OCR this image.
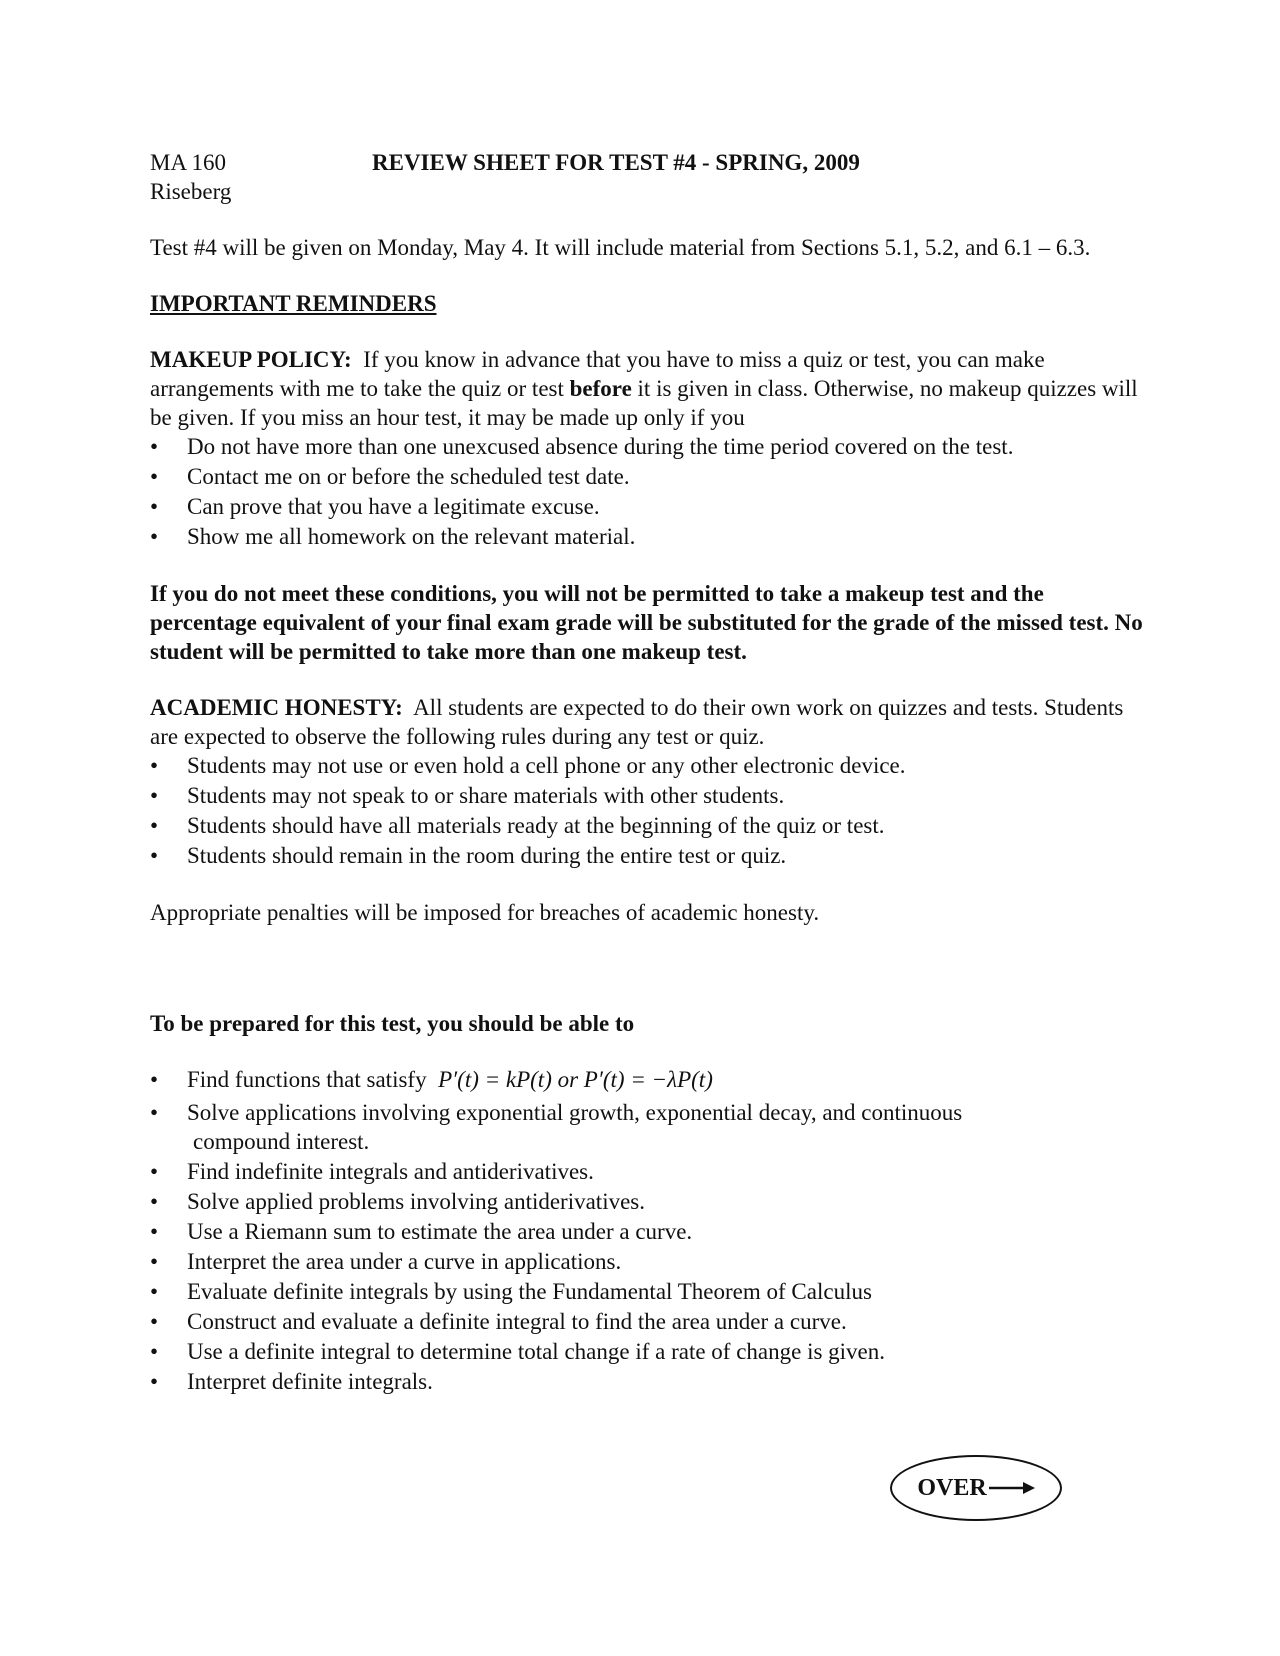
MA 160	REVIEW SHEET FOR TEST #4 - SPRING, 2009
Riseberg

Test #4 will be given on Monday, May 4. It will include material from Sections 5.1, 5.2, and 6.1 – 6.3.

IMPORTANT REMINDERS

MAKEUP POLICY: If you know in advance that you have to miss a quiz or test, you can make arrangements with me to take the quiz or test before it is given in class. Otherwise, no makeup quizzes will be given. If you miss an hour test, it may be made up only if you

• Do not have more than one unexcused absence during the time period covered on the test.
• Contact me on or before the scheduled test date.
• Can prove that you have a legitimate excuse.
• Show me all homework on the relevant material.

If you do not meet these conditions, you will not be permitted to take a makeup test and the percentage equivalent of your final exam grade will be substituted for the grade of the missed test. No student will be permitted to take more than one makeup test.

ACADEMIC HONESTY: All students are expected to do their own work on quizzes and tests. Students are expected to observe the following rules during any test or quiz.

• Students may not use or even hold a cell phone or any other electronic device.
• Students may not speak to or share materials with other students.
• Students should have all materials ready at the beginning of the quiz or test.
• Students should remain in the room during the entire test or quiz.

Appropriate penalties will be imposed for breaches of academic honesty.

To be prepared for this test, you should be able to

• Find functions that satisfy P′(t) = kP(t) or P′(t) = −λP(t)
• Solve applications involving exponential growth, exponential decay, and continuous
compound interest.
• Find indefinite integrals and antiderivatives.
• Solve applied problems involving antiderivatives.
• Use a Riemann sum to estimate the area under a curve.
• Interpret the area under a curve in applications.
• Evaluate definite integrals by using the Fundamental Theorem of Calculus
• Construct and evaluate a definite integral to find the area under a curve.
• Use a definite integral to determine total change if a rate of change is given.
• Interpret definite integrals.
OVER
